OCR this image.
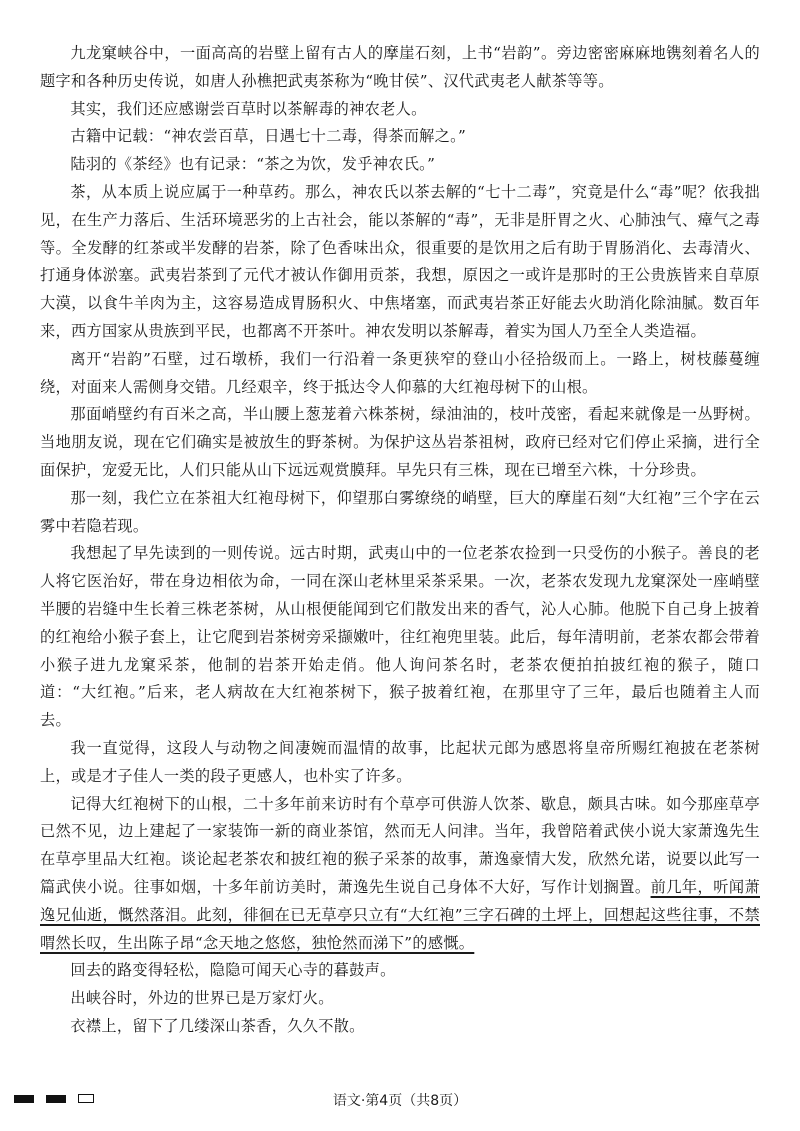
九龙窠峡谷中，一面高高的岩壁上留有古人的摩崖石刻，上书“岩韵”。旁边密密麻麻地镌刻着名人的题字和各种历史传说，如唐人孙樵把武夷茶称为“晚甘侯”、汉代武夷老人献茶等等。

其实，我们还应感谢尝百草时以茶解毒的神农老人。

古籍中记载：“神农尝百草，日遇七十二毒，得茶而解之。”

陆羽的《茶经》也有记录：“茶之为饮，发乎神农氏。”

茶，从本质上说应属于一种草药。那么，神农氏以茶去解的“七十二毒”，究竟是什么“毒”呢？依我拙见，在生产力落后、生活环境恶劣的上古社会，能以茶解的“毒”，无非是肝胃之火、心肺浊气、瘴气之毒等。全发酵的红茶或半发酵的岩茶，除了色香味出众，很重要的是饮用之后有助于胃肠消化、去毒清火、打通身体淤塞。武夷岩茶到了元代才被认作御用贡茶，我想，原因之一或许是那时的王公贵族皆来自草原大漠，以食牛羊肉为主，这容易造成胃肠积火、中焦堵塞，而武夷岩茶正好能去火助消化除油腻。数百年来，西方国家从贵族到平民，也都离不开茶叶。神农发明以茶解毒，着实为国人乃至全人类造福。

离开“岩韵”石壁，过石墩桥，我们一行沿着一条更狭窄的登山小径拾级而上。一路上，树枝藤蔓缠绕，对面来人需侧身交错。几经艰辛，终于抵达令人仰慕的大红袍母树下的山根。

那面峭壁约有百米之高，半山腰上葱茏着六株茶树，绿油油的，枝叶茂密，看起来就像是一丛野树。当地朋友说，现在它们确实是被放生的野茶树。为保护这丛岩茶祖树，政府已经对它们停止采摘，进行全面保护，宠爱无比，人们只能从山下远远观赏膜拜。早先只有三株，现在已增至六株，十分珍贵。

那一刻，我伫立在茶祖大红袍母树下，仰望那白雾缭绕的峭壁，巨大的摩崖石刻“大红袍”三个字在云雾中若隐若现。

我想起了早先读到的一则传说。远古时期，武夷山中的一位老茶农捡到一只受伤的小猴子。善良的老人将它医治好，带在身边相依为命，一同在深山老林里采茶采果。一次，老茶农发现九龙窠深处一座峭壁半腰的岩缝中生长着三株老茶树，从山根便能闻到它们散发出来的香气，沁人心肺。他脱下自己身上披着的红袍给小猴子套上，让它爬到岩茶树旁采撷嫩叶，往红袍兜里装。此后，每年清明前，老茶农都会带着小猴子进九龙窠采茶，他制的岩茶开始走俏。他人询问茶名时，老茶农便拍拍披红袍的猴子，随口道：“大红袍。”后来，老人病故在大红袍茶树下，猴子披着红袍，在那里守了三年，最后也随着主人而去。

我一直觉得，这段人与动物之间凄婉而温情的故事，比起状元郎为感恩将皇帝所赐红袍披在老茶树上，或是才子佳人一类的段子更感人，也朴实了许多。

记得大红袍树下的山根，二十多年前来访时有个草亭可供游人饮茶、歇息，颇具古味。如今那座草亭已然不见，边上建起了一家装饰一新的商业茶馆，然而无人问津。当年，我曾陪着武侠小说大家萧逸先生在草亭里品大红袍。谈论起老茶农和披红袍的猴子采茶的故事，萧逸豪情大发，欣然允诺，说要以此写一篇武侠小说。往事如烟，十多年前访美时，萧逸先生说自己身体不大好，写作计划搁置。前几年，听闻萧逸兄仙逝，慨然落泪。此刻，徘徊在已无草亭只立有“大红袍”三字石碑的土坪上，回想起这些往事，不禁喟然长叹，生出陈子昂“念天地之悠悠，独怆然而涕下”的感慨。

回去的路变得轻松，隐隐可闻天心寺的暮鼓声。

出峡谷时，外边的世界已是万家灯火。

衣襟上，留下了几缕深山茶香，久久不散。

语文·第4页（共8页）
